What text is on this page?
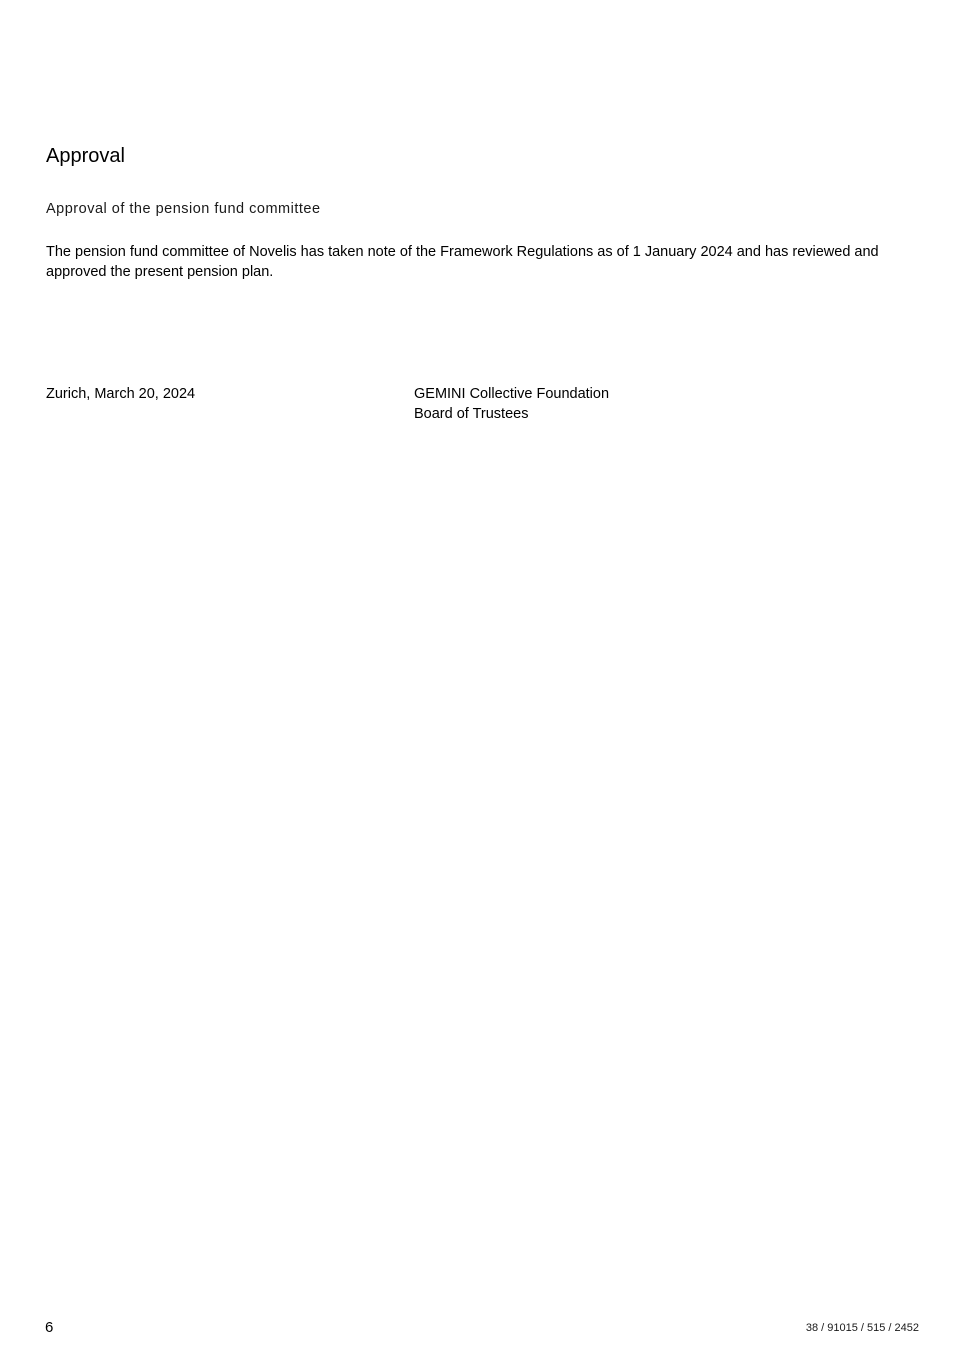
Approval
Approval of the pension fund committee

The pension fund committee of Novelis has taken note of the Framework Regulations as of 1 January 2024 and has reviewed and approved the present pension plan.

Zurich, March 20, 2024	GEMINI Collective Foundation
Board of Trustees
6	38 / 91015 / 515 / 2452
